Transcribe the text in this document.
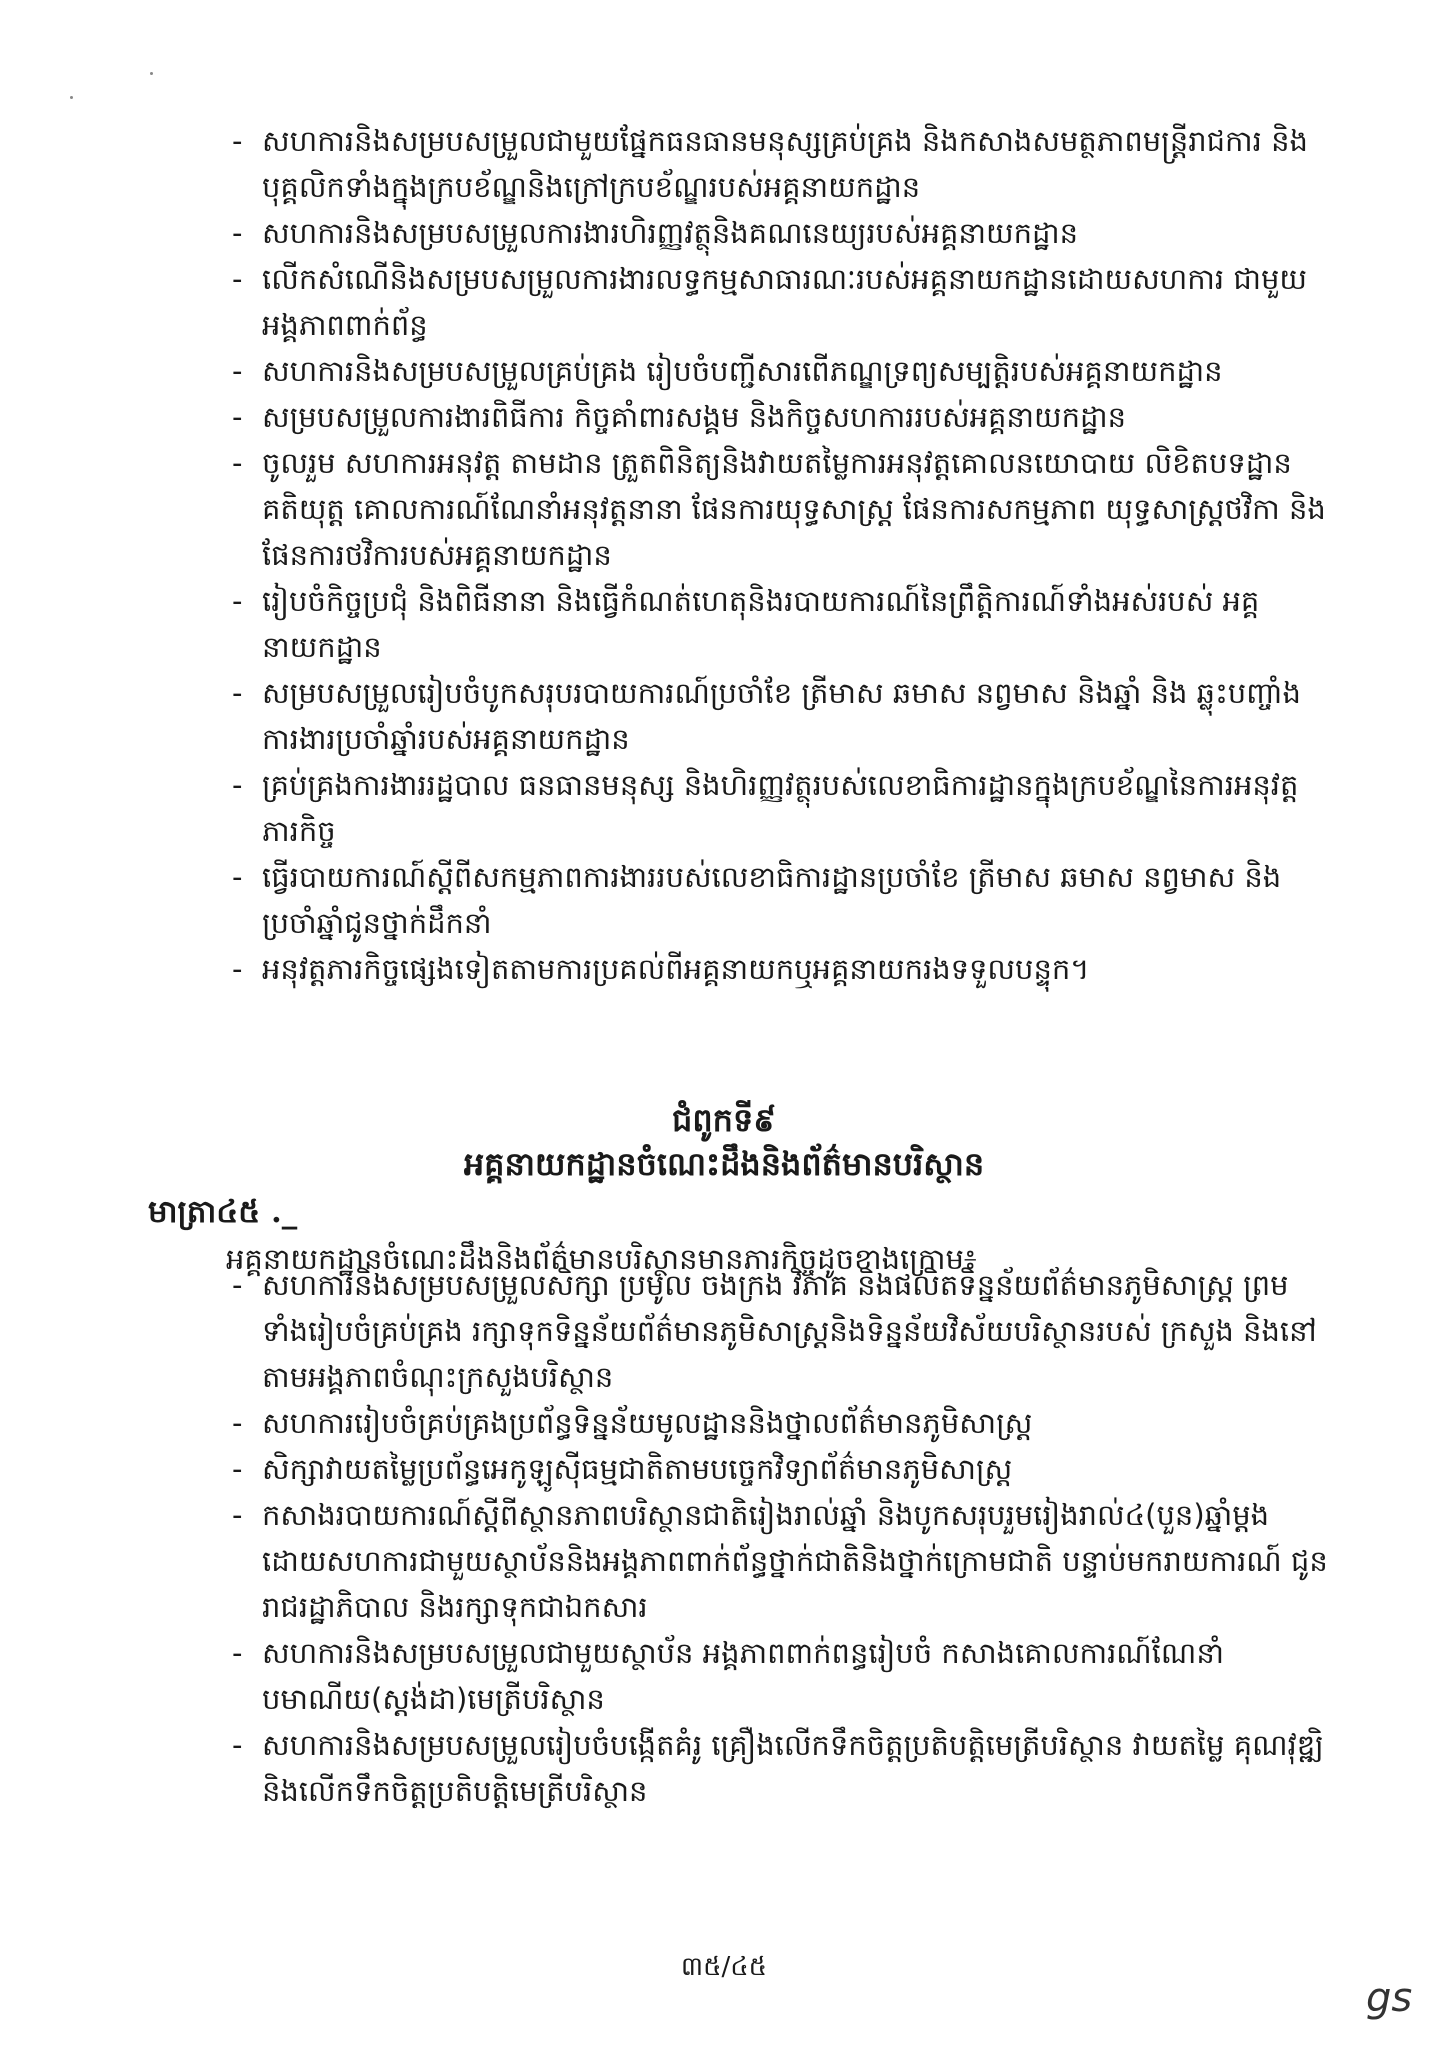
- សហការនិងសម្របសម្រួលជាមួយផ្នែកធនធានមនុស្សគ្រប់គ្រង និងកសាងសមត្ថភាពមន្ត្រីរាជការ និងបុគ្គលិកទាំងក្នុងក្របខ័ណ្ឌនិងក្រៅក្របខ័ណ្ឌរបស់អគ្គនាយកដ្ឋាន
- សហការនិងសម្របសម្រួលការងារហិរញ្ញវត្ថុនិងគណនេយ្យរបស់អគ្គនាយកដ្ឋាន
- លើកសំណើនិងសម្របសម្រួលការងារលទ្ធកម្មសាធារណៈរបស់អគ្គនាយកដ្ឋានដោយសហការ ជាមួយអង្គភាពពាក់ព័ន្ធ
- សហការនិងសម្របសម្រួលគ្រប់គ្រង រៀបចំបញ្ជីសារពើភណ្ឌទ្រព្យសម្បត្តិរបស់អគ្គនាយកដ្ឋាន
- សម្របសម្រួលការងារពិធីការ កិច្ចគាំពារសង្គម និងកិច្ចសហការរបស់អគ្គនាយកដ្ឋាន
- ចូលរួម សហការអនុវត្ត តាមដាន ត្រួតពិនិត្យនិងវាយតម្លៃការអនុវត្តគោលនយោបាយ លិខិតបទដ្ឋាន គតិយុត្ត គោលការណ៍ណែនាំអនុវត្តនានា ផែនការយុទ្ធសាស្ត្រ ផែនការសកម្មភាព យុទ្ធសាស្ត្រថវិកា និងផែនការថវិការបស់អគ្គនាយកដ្ឋាន
- រៀបចំកិច្ចប្រជុំ និងពិធីនានា និងធ្វើកំណត់ហេតុនិងរបាយការណ៍នៃព្រឹត្តិការណ៍ទាំងអស់របស់ អគ្គនាយកដ្ឋាន
- សម្របសម្រួលរៀបចំបូកសរុបរបាយការណ៍ប្រចាំខែ ត្រីមាស ឆមាស នព្វមាស និងឆ្នាំ និង ឆ្លុះបញ្ចាំង ការងារប្រចាំឆ្នាំរបស់អគ្គនាយកដ្ឋាន
- គ្រប់គ្រងការងាររដ្ឋបាល ធនធានមនុស្ស និងហិរញ្ញវត្ថុរបស់លេខាធិការដ្ឋានក្នុងក្របខ័ណ្ឌនៃការអនុវត្ត ភារកិច្ច
- ធ្វើរបាយការណ៍ស្តីពីសកម្មភាពការងាររបស់លេខាធិការដ្ឋានប្រចាំខែ ត្រីមាស ឆមាស នព្វមាស និងប្រចាំឆ្នាំជូនថ្នាក់ដឹកនាំ
- អនុវត្តភារកិច្ចផ្សេងទៀតតាមការប្រគល់ពីអគ្គនាយកឬអគ្គនាយករងទទួលបន្ទុក។
ជំពូកទី៩
អគ្គនាយកដ្ឋានចំណេះដឹងនិងព័ត៌មានបរិស្ថាន
មាត្រា៤៥ ._
អគ្គនាយកដ្ឋានចំណេះដឹងនិងព័ត៌មានបរិស្ថានមានភារកិច្ចដូចខាងក្រោម៖
- សហការនិងសម្របសម្រួលសិក្សា ប្រមូល ចងក្រង វិភាគ និងផលិតទិន្នន័យព័ត៌មានភូមិសាស្ត្រ ព្រមទាំងរៀបចំគ្រប់គ្រង រក្សាទុកទិន្នន័យព័ត៌មានភូមិសាស្ត្រនិងទិន្នន័យវិស័យបរិស្ថានរបស់ ក្រសួង និងនៅតាមអង្គភាពចំណុះក្រសួងបរិស្ថាន
- សហការរៀបចំគ្រប់គ្រងប្រព័ន្ធទិន្នន័យមូលដ្ឋាននិងថ្នាលព័ត៌មានភូមិសាស្ត្រ
- សិក្សាវាយតម្លៃប្រព័ន្ធអេកូឡូស៊ីធម្មជាតិតាមបច្ចេកវិទ្យាព័ត៌មានភូមិសាស្ត្រ
- កសាងរបាយការណ៍ស្តីពីស្ថានភាពបរិស្ថានជាតិរៀងរាល់ឆ្នាំ និងបូកសរុបរួមរៀងរាល់៤(បួន)ឆ្នាំម្តង ដោយសហការជាមួយស្ថាប័ននិងអង្គភាពពាក់ព័ន្ធថ្នាក់ជាតិនិងថ្នាក់ក្រោមជាតិ បន្ទាប់មករាយការណ៍ ជូនរាជរដ្ឋាភិបាល និងរក្សាទុកជាឯកសារ
- សហការនិងសម្របសម្រួលជាមួយស្ថាប័ន អង្គភាពពាក់ពន្ធរៀបចំ កសាងគោលការណ៍ណែនាំ បមាណីយ(ស្តង់ដា)មេត្រីបរិស្ថាន
- សហការនិងសម្របសម្រួលរៀបចំបង្កើតគំរូ គ្រឿងលើកទឹកចិត្តប្រតិបត្តិមេត្រីបរិស្ថាន វាយតម្លៃ គុណវុឌ្ឍិ និងលើកទឹកចិត្តប្រតិបត្តិមេត្រីបរិស្ថាន
៣៥/៤៥
gs
